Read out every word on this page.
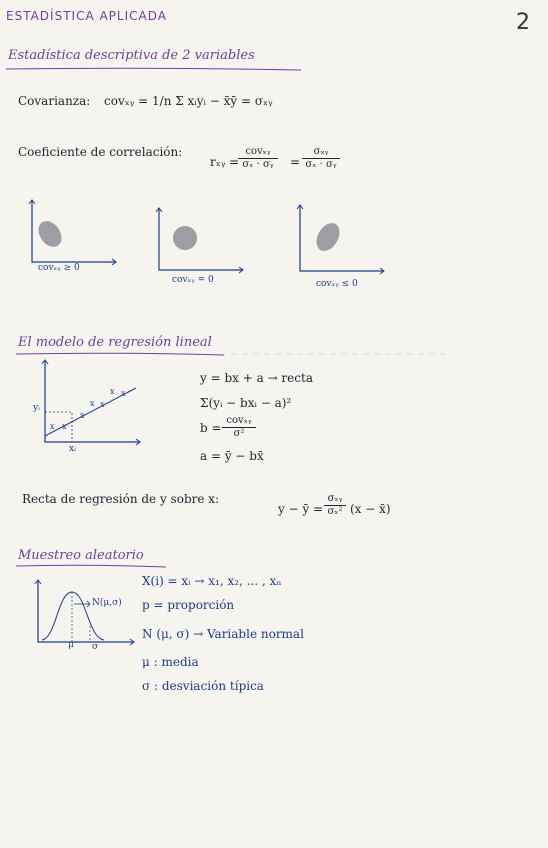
ESTADÍSTICA APLICADA	2
Estadística descriptiva de 2 variables
Covarianza: covₓᵧ = 1/n Σ xᵢyᵢ − x̄ȳ = σₓᵧ
Coeficiente de correlación:
rₓᵧ =
covₓᵧ
σₓ · σᵧ	=
σₓᵧ
σₓ · σᵧ
covₓᵧ ≥ 0
covₓᵧ = 0	covₓᵧ ≤ 0
El modelo de regresión lineal
x x
x
x x
x x
yᵢ
xᵢ
y = bx + a → recta
Σ(yᵢ − bxᵢ − a)²
b =
covₓᵧ
σ²
a = ȳ − bx̄
Recta de regresión de y sobre x:
y − ȳ =
σₓᵧ
σₓ² (x − x̄)
Muestreo aleatorio
N(μ,σ)
μ σ
X(i) = xᵢ → x₁, x₂, ... , xₙ
p = proporción
N (μ, σ) → Variable normal
μ : media
σ : desviación típica
